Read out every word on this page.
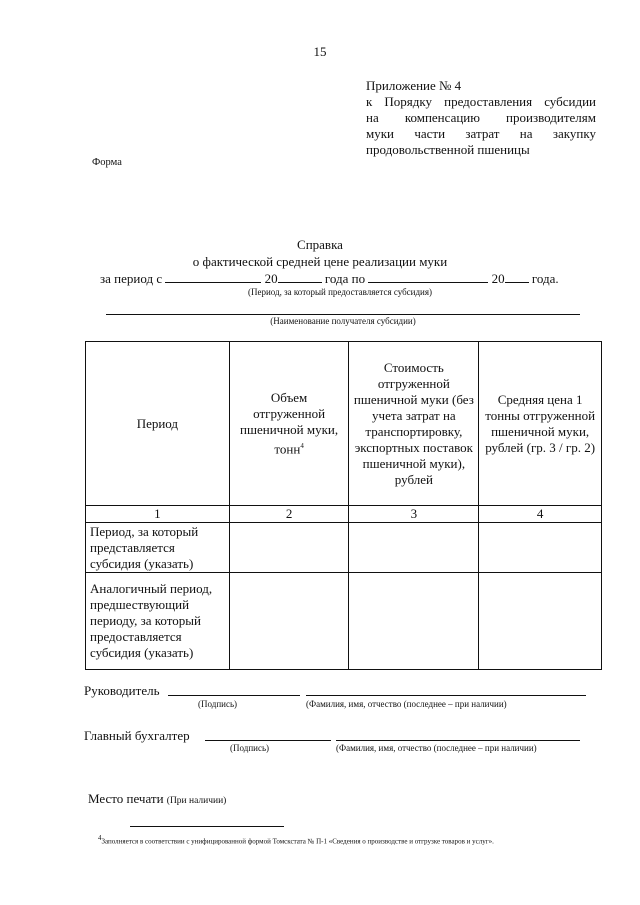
15
Приложение № 4
к Порядку предоставления субсидии
на компенсацию производителям
муки части затрат на закупку
продовольственной пшеницы
Форма
Справка
о фактической средней цене реализации муки
за период с	20	года по	20 года.
(Период, за который предоставляется субсидия)
(Наименование получателя субсидии)
Период	Объем отгруженной пшеничной муки, тонн$^4$	Стоимость отгруженной пшеничной муки (без учета затрат на транспортировку, экспортных поставок пшеничной муки), рублей	Средняя цена 1 тонны отгруженной пшеничной муки, рублей (гр. 3 / гр. 2)
1	2	3	4
Период, за который представляется субсидия (указать)			
Аналогичный период, предшествующий периоду, за который предоставляется субсидия (указать)			
Руководитель
(Подпись)	(Фамилия, имя, отчество (последнее – при наличии)
Главный бухгалтер
(Подпись)	(Фамилия, имя, отчество (последнее – при наличии)
Место печати (При наличии)
$^4$Заполняется в соответствии с унифицированной формой Томскстата № П-1 «Сведения о производстве и отгрузке товаров и услуг».
